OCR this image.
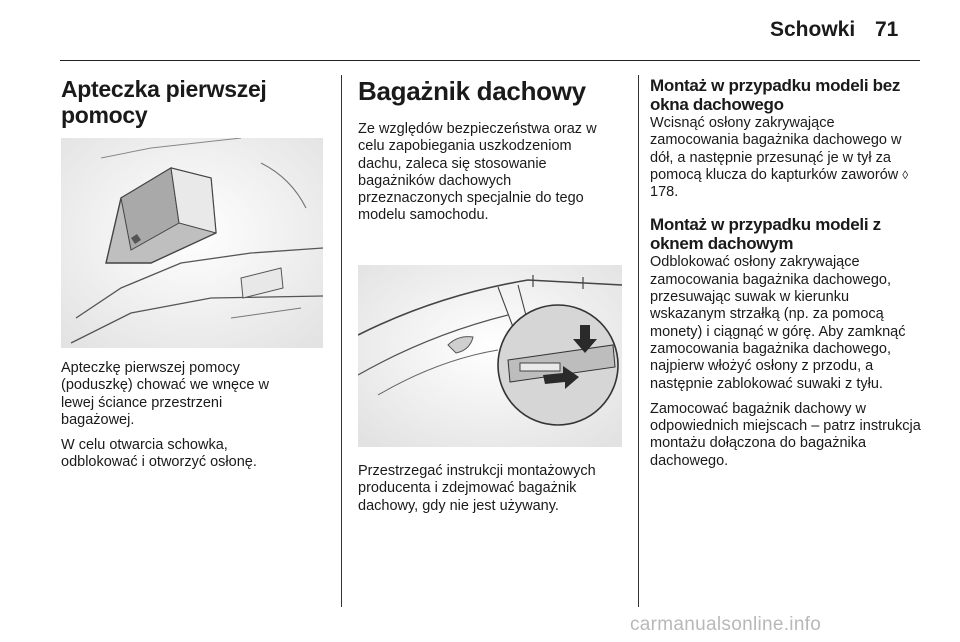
Schowki 71
Apteczka pierwszej pomocy

Apteczkę pierwszej pomocy (poduszkę) chować we wnęce w lewej ściance przestrzeni bagażowej.

W celu otwarcia schowka, odblokować i otworzyć osłonę.

Bagażnik dachowy

Ze względów bezpieczeństwa oraz w celu zapobiegania uszkodzeniom dachu, zaleca się stosowanie bagażników dachowych przeznaczonych specjalnie do tego modelu samochodu.

Przestrzegać instrukcji montażowych producenta i zdejmować bagażnik dachowy, gdy nie jest używany.

Montaż w przypadku modeli bez okna dachowego

Wcisnąć osłony zakrywające zamocowania bagażnika dachowego w dół, a następnie przesunąć je w tył za pomocą klucza do kapturków zaworów ◊ 178.

Montaż w przypadku modeli z oknem dachowym

Odblokować osłony zakrywające zamocowania bagażnika dachowego, przesuwając suwak w kierunku wskazanym strzałką (np. za pomocą monety) i ciągnąć w górę. Aby zamknąć zamocowania bagażnika dachowego, najpierw włożyć osłony z przodu, a następnie zablokować suwaki z tyłu.

Zamocować bagażnik dachowy w odpowiednich miejscach – patrz instrukcja montażu dołączona do bagażnika dachowego.

carmanualsonline.info
